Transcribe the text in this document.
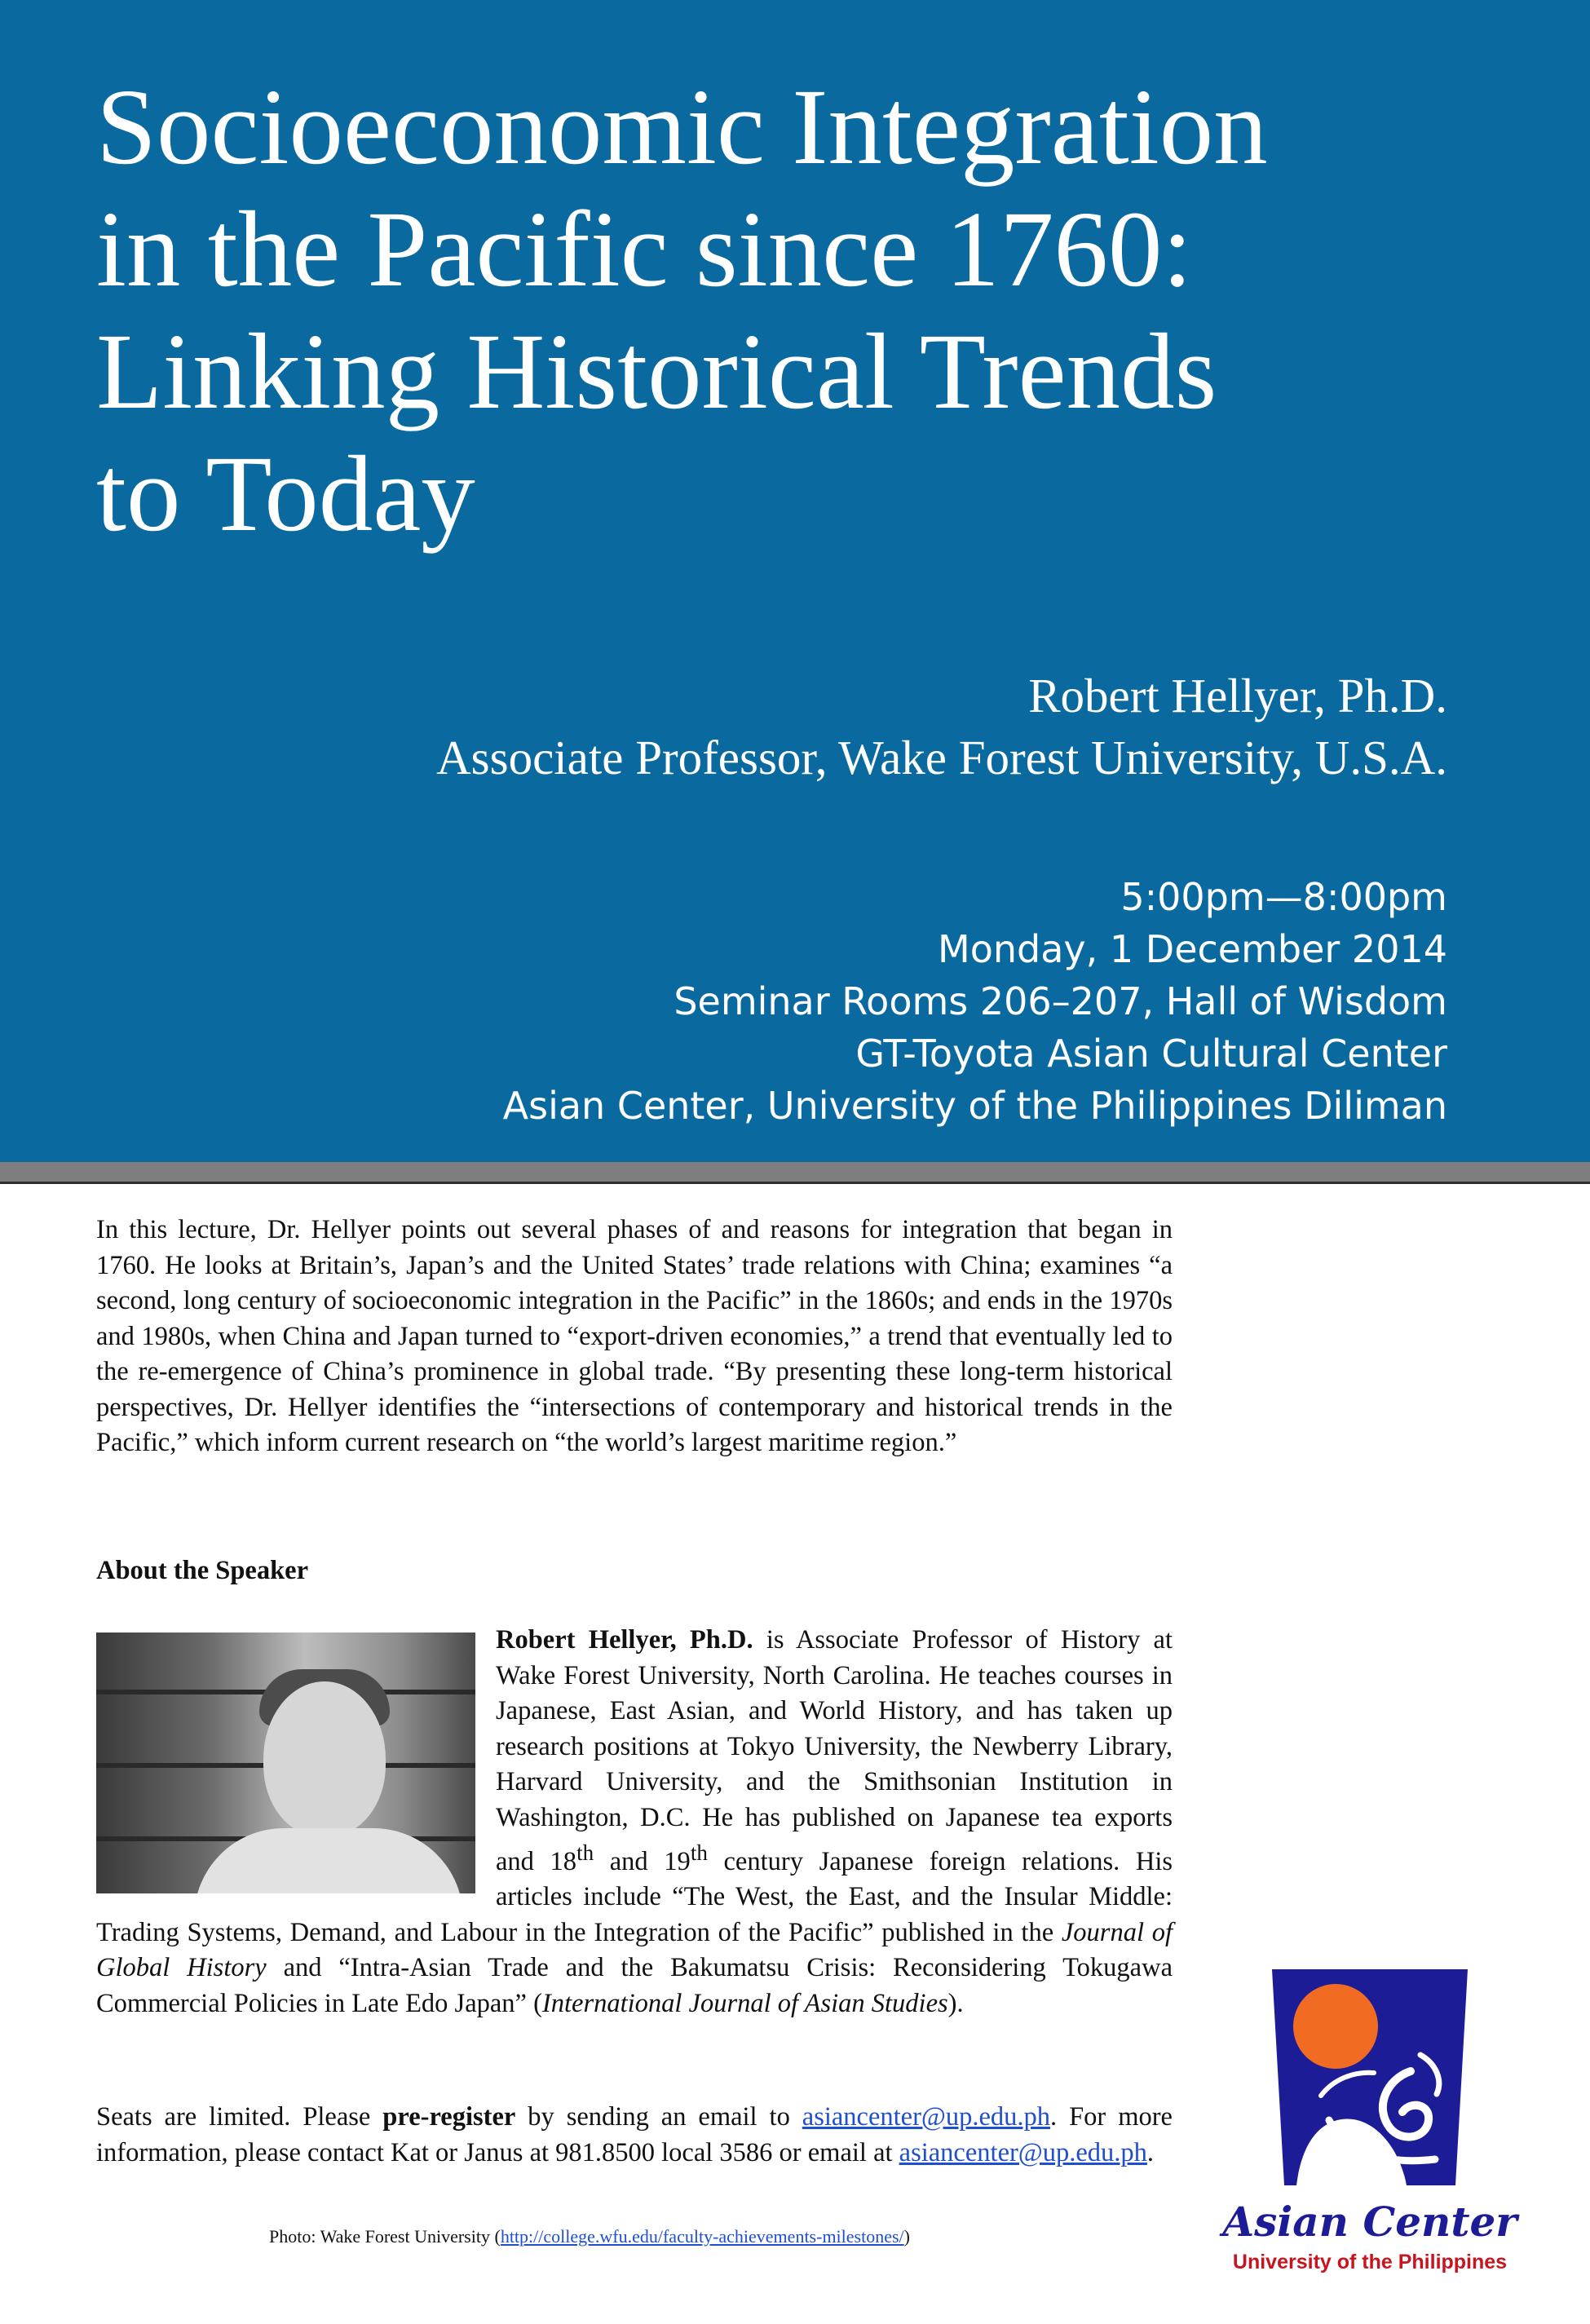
Socioeconomic Integration
in the Pacific since 1760:
Linking Historical Trends
to Today
Robert Hellyer, Ph.D.
Associate Professor, Wake Forest University, U.S.A.
5:00pm—8:00pm
Monday, 1 December 2014
Seminar Rooms 206–207, Hall of Wisdom
GT-Toyota Asian Cultural Center
Asian Center, University of the Philippines Diliman

In this lecture, Dr. Hellyer points out several phases of and reasons for integration that began in 1760. He looks at Britain’s, Japan’s and the United States’ trade relations with China; examines “a second, long century of socioeconomic integration in the Pacific” in the 1860s; and ends in the 1970s and 1980s, when China and Japan turned to “export-driven economies,” a trend that eventually led to the re-emergence of China’s prominence in global trade. “By presenting these long-term historical perspectives, Dr. Hellyer identifies the “intersections of contemporary and historical trends in the Pacific,” which inform current research on “the world’s largest maritime region.”

About the Speaker

Robert Hellyer, Ph.D. is Associate Professor of History at Wake Forest University, North Carolina. He teaches courses in Japanese, East Asian, and World History, and has taken up research positions at Tokyo University, the Newberry Library, Harvard University, and the Smithsonian Institution in Washington, D.C. He has published on Japanese tea exports and 18th and 19th century Japanese foreign relations. His articles include “The West, the East, and the Insular Middle: Trading Systems, Demand, and Labour in the Integration of the Pacific” published in the Journal of Global History and “Intra-Asian Trade and the Bakumatsu Crisis: Reconsidering Tokugawa Commercial Policies in Late Edo Japan” (International Journal of Asian Studies).

Seats are limited. Please pre-register by sending an email to asiancenter@up.edu.ph. For more information, please contact Kat or Janus at 981.8500 local 3586 or email at asiancenter@up.edu.ph.

Photo: Wake Forest University (http://college.wfu.edu/faculty-achievements-milestones/)	Asian Center

University of the Philippines
